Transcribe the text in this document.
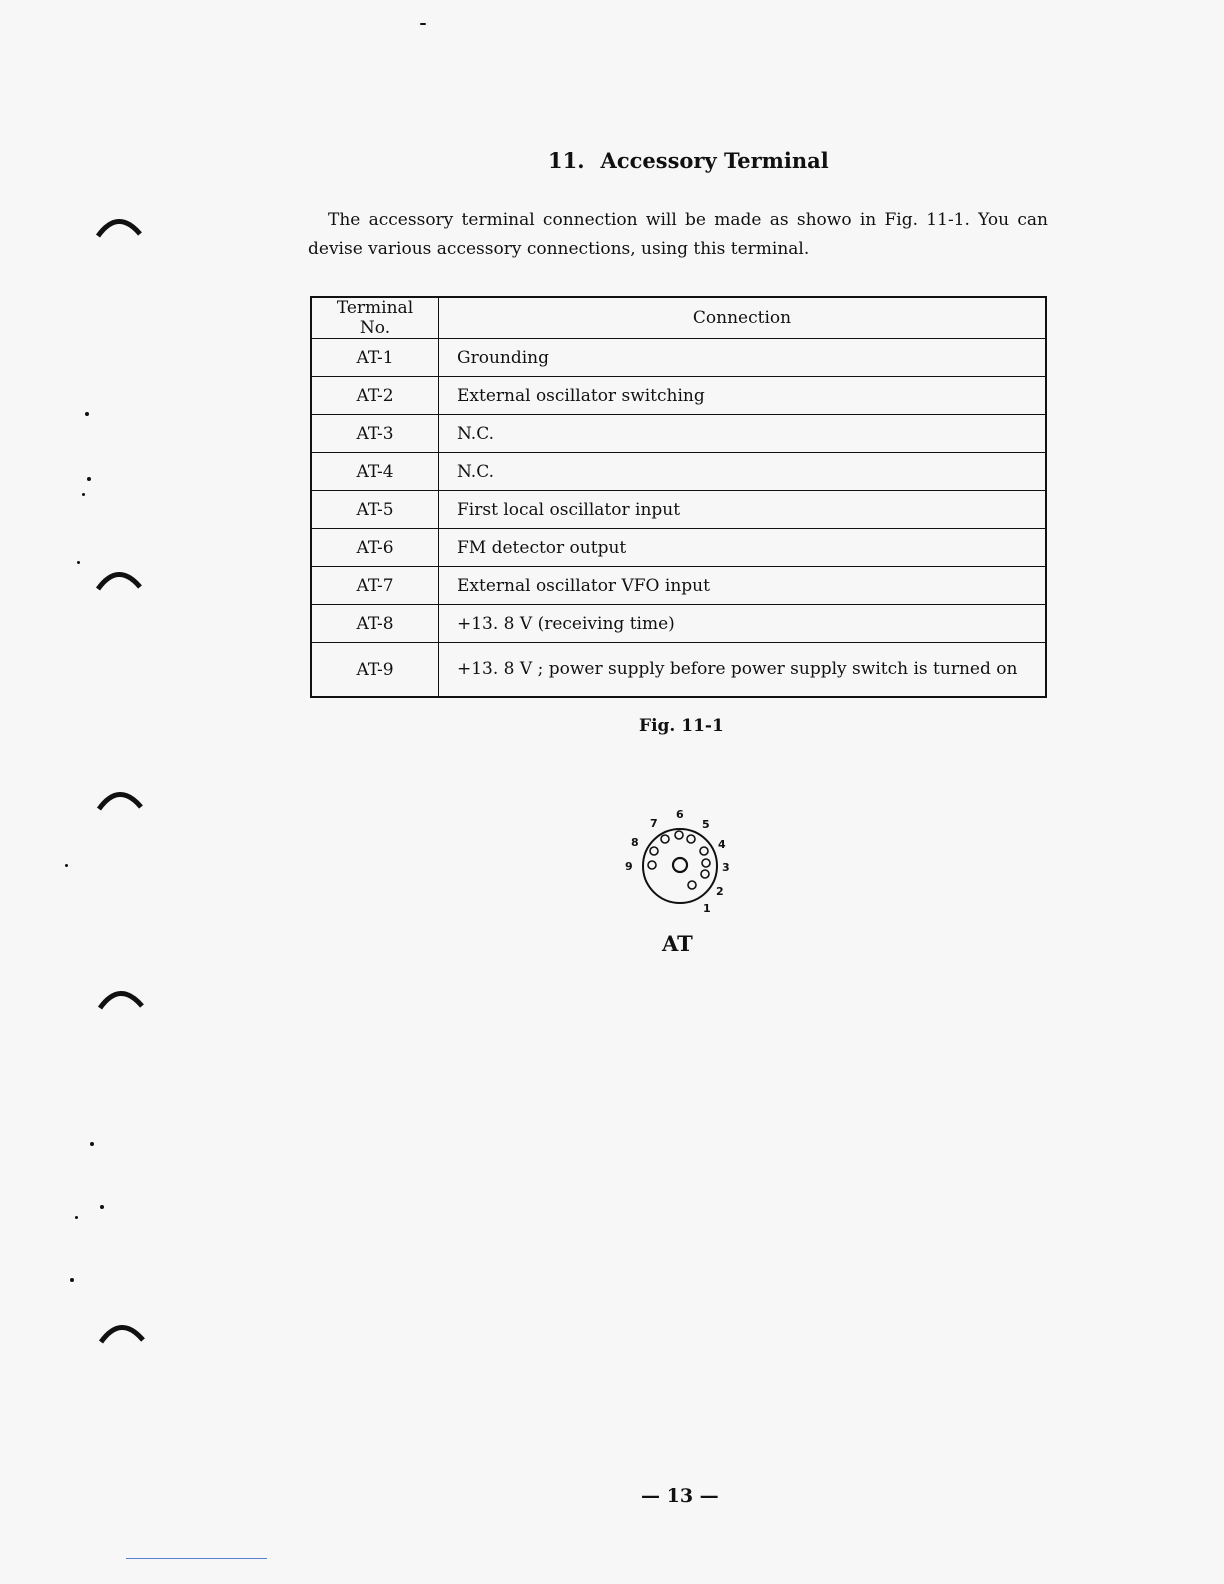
11. Accessory Terminal
The accessory terminal connection will be made as showo in Fig. 11-1. You can devise various accessory connections, using this terminal.
Terminal No.	Connection
AT-1	Grounding
AT-2	External oscillator switching
AT-3	N.C.
AT-4	N.C.
AT-5	First local oscillator input
AT-6	FM detector output
AT-7	External oscillator VFO input
AT-8	+13. 8 V (receiving time)
AT-9	+13. 8 V ; power supply before power supply switch is turned on
Fig. 11-1
1
2
3
4
5
6
7
8
9
AT
— 13 —
